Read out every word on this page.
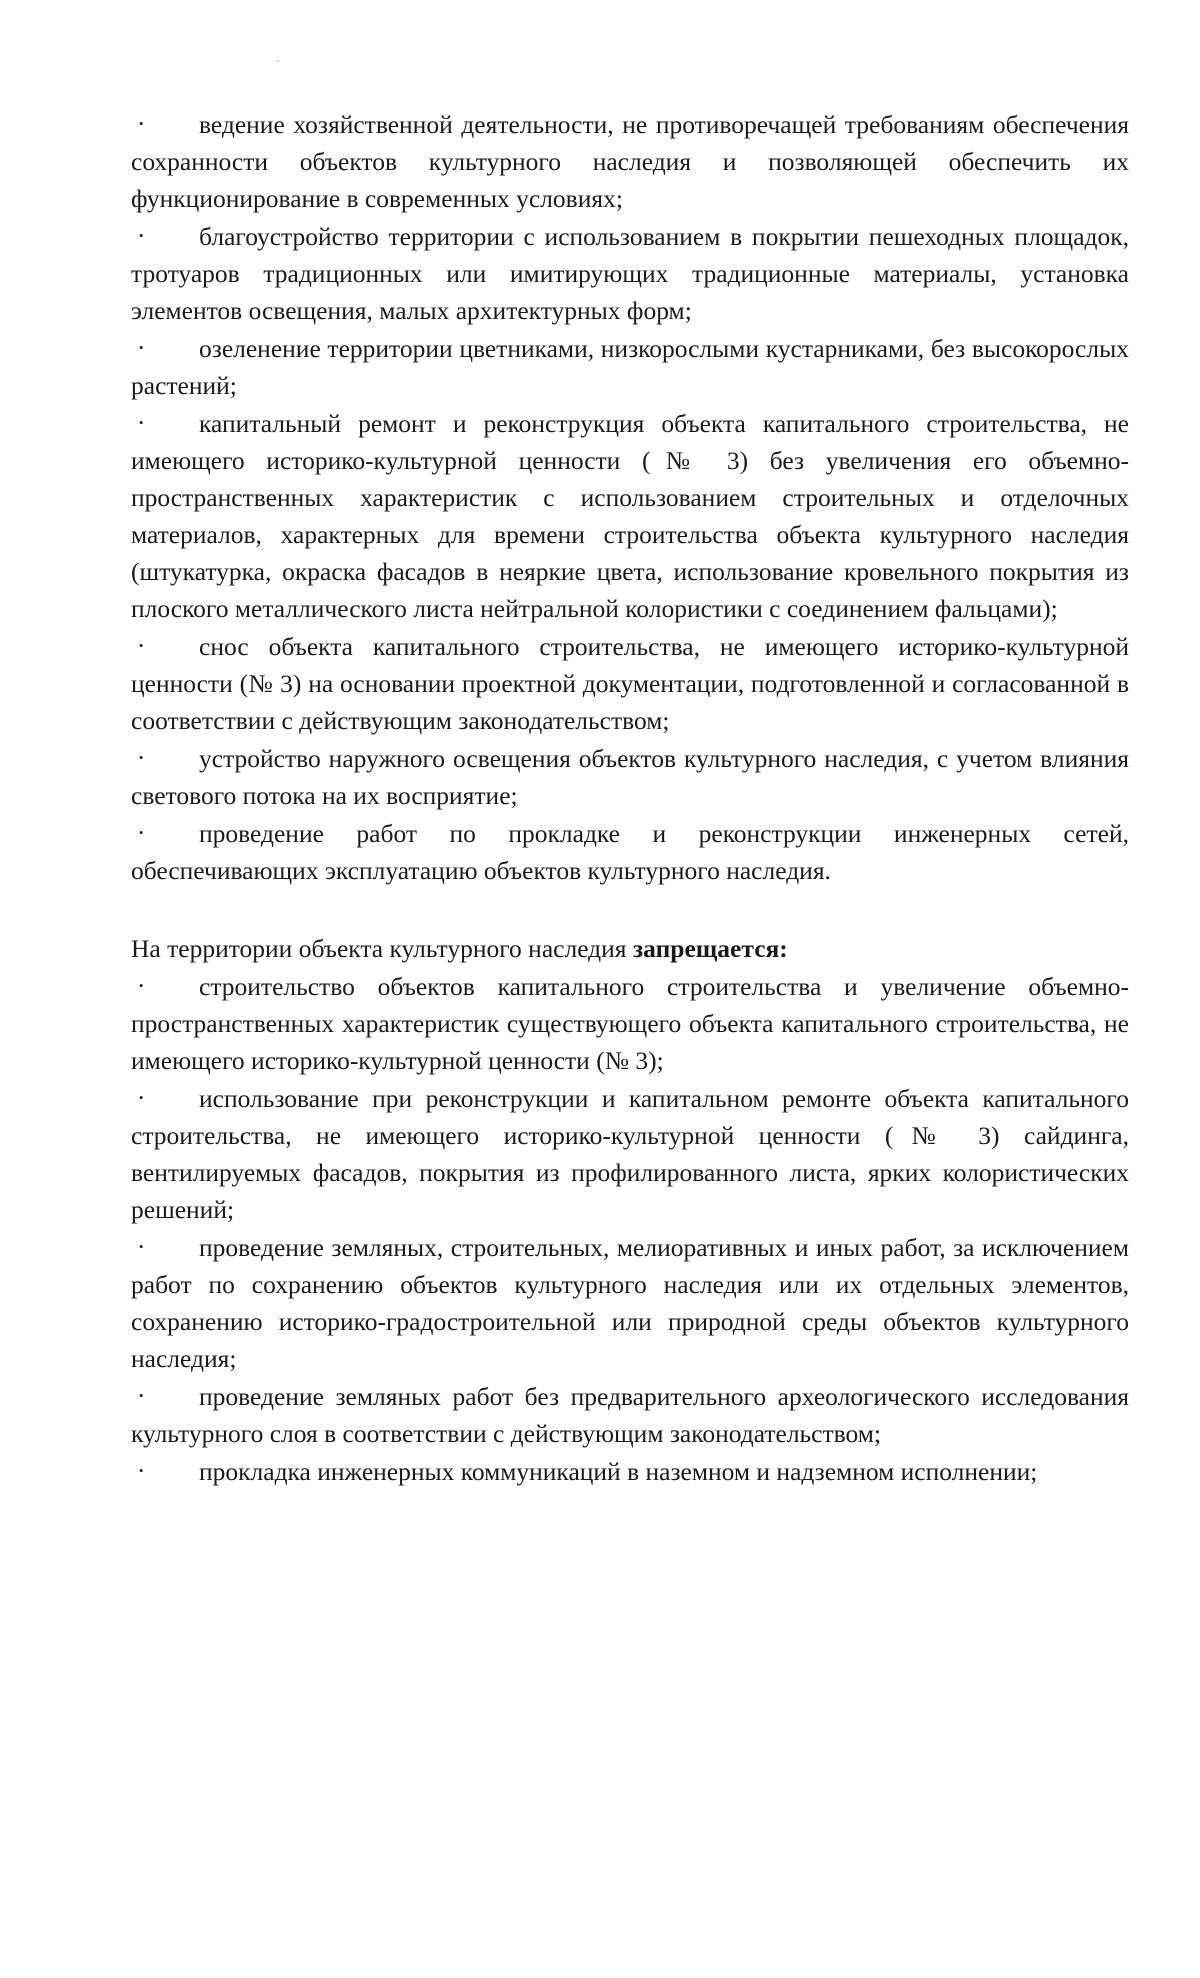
· ведение хозяйственной деятельности, не противоречащей требованиям обеспечения сохранности объектов культурного наследия и позволяющей обеспечить их функционирование в современных условиях;

· благоустройство территории с использованием в покрытии пешеходных площадок, тротуаров традиционных или имитирующих традиционные материалы, установка элементов освещения, малых архитектурных форм;

· озеленение территории цветниками, низкорослыми кустарниками, без высокорослых растений;

· капитальный ремонт и реконструкция объекта капитального строительства, не имеющего историко-культурной ценности (№ 3) без увеличения его объемно-пространственных характеристик с использованием строительных и отделочных материалов, характерных для времени строительства объекта культурного наследия (штукатурка, окраска фасадов в неяркие цвета, использование кровельного покрытия из плоского металлического листа нейтральной колористики с соединением фальцами);

· снос объекта капитального строительства, не имеющего историко-культурной ценности (№ 3) на основании проектной документации, подготовленной и согласованной в соответствии с действующим законодательством;

· устройство наружного освещения объектов культурного наследия, с учетом влияния светового потока на их восприятие;

· проведение работ по прокладке и реконструкции инженерных сетей, обеспечивающих эксплуатацию объектов культурного наследия.

На территории объекта культурного наследия запрещается:

· строительство объектов капитального строительства и увеличение объемно-пространственных характеристик существующего объекта капитального строительства, не имеющего историко-культурной ценности (№ 3);

· использование при реконструкции и капитальном ремонте объекта капитального строительства, не имеющего историко-культурной ценности (№ 3) сайдинга, вентилируемых фасадов, покрытия из профилированного листа, ярких колористических решений;

· проведение земляных, строительных, мелиоративных и иных работ, за исключением работ по сохранению объектов культурного наследия или их отдельных элементов, сохранению историко-градостроительной или природной среды объектов культурного наследия;

· проведение земляных работ без предварительного археологического исследования культурного слоя в соответствии с действующим законодательством;

· прокладка инженерных коммуникаций в наземном и надземном исполнении;
